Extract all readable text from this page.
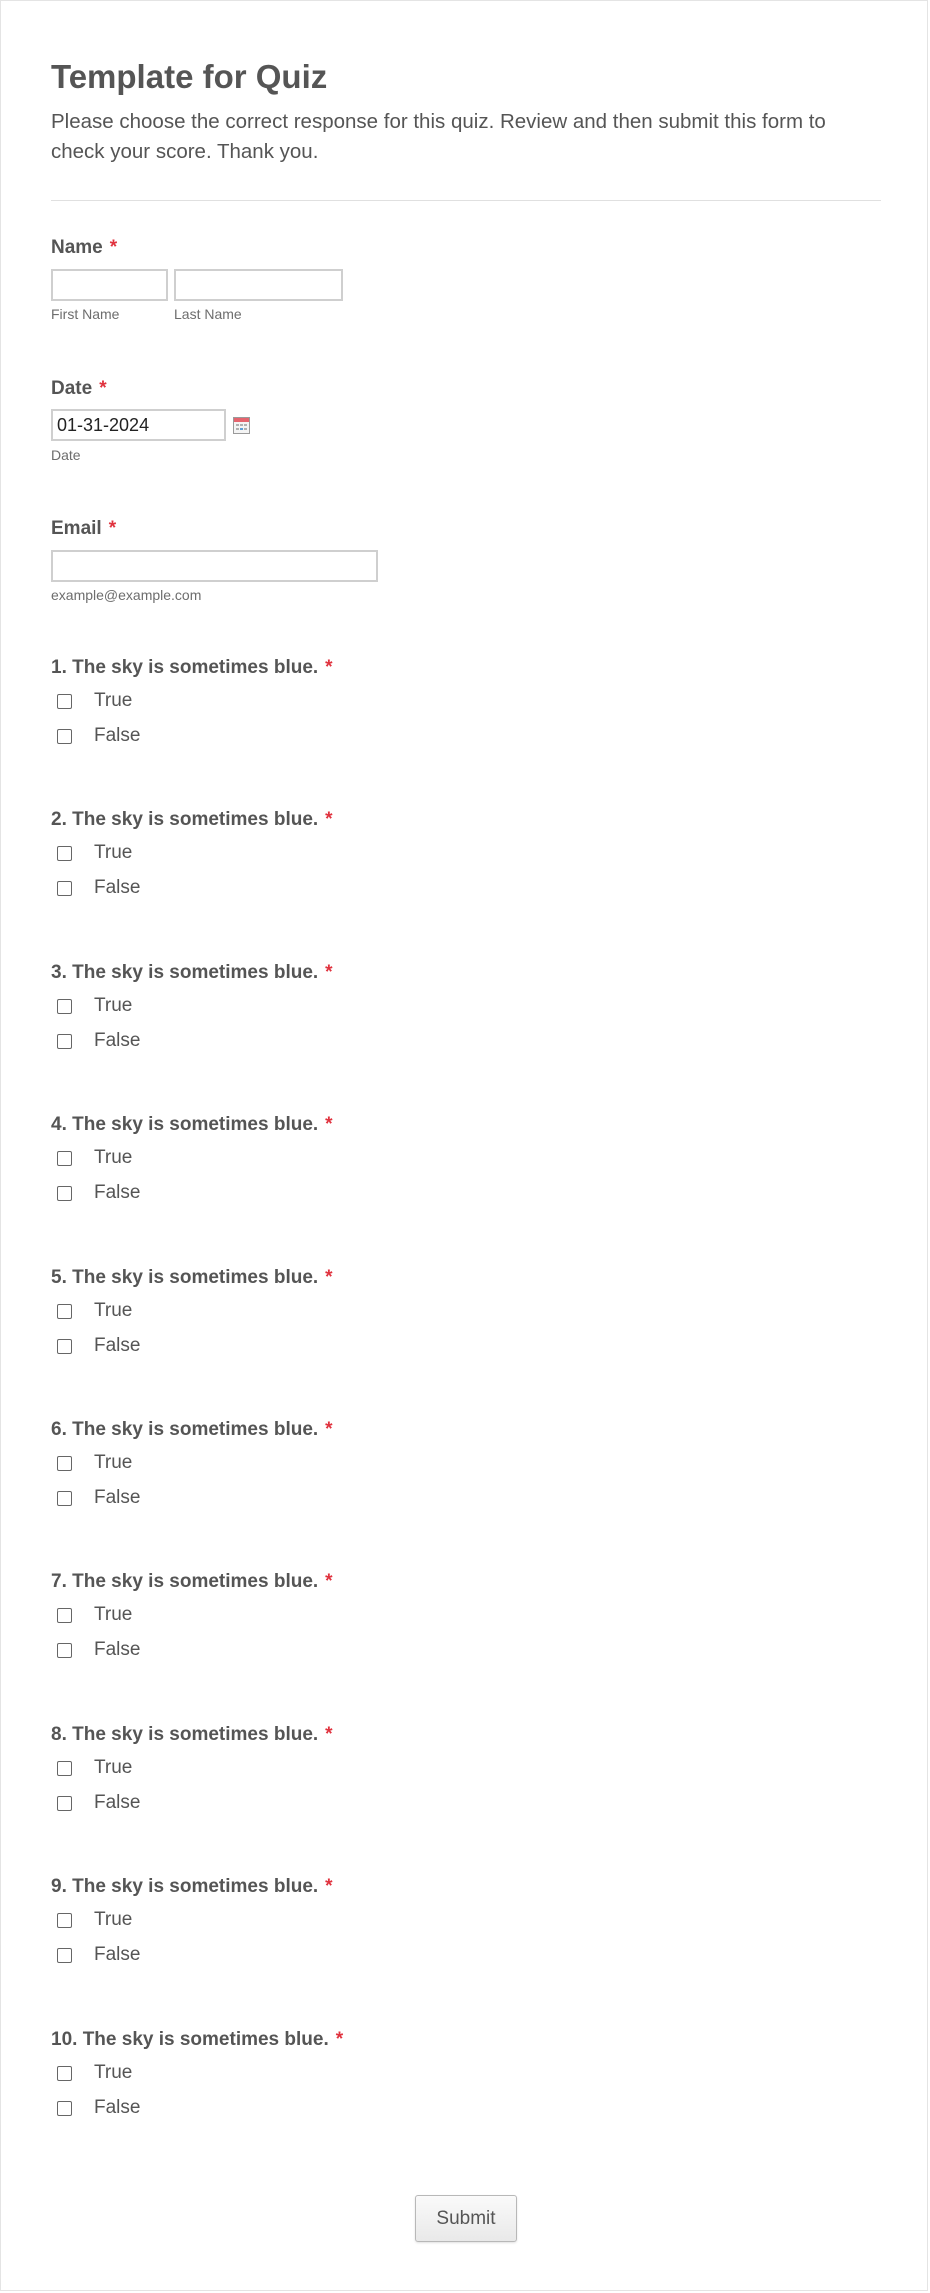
Template for Quiz

Please choose the correct response for this quiz. Review and then submit this form to check your score. Thank you.

Name *
First Name	Last Name
Date *
01-31-2024
Date
Email *
example@example.com
1. The sky is sometimes blue. *
True
False
2. The sky is sometimes blue. *
True
False
3. The sky is sometimes blue. *
True
False
4. The sky is sometimes blue. *
True
False
5. The sky is sometimes blue. *
True
False
6. The sky is sometimes blue. *
True
False
7. The sky is sometimes blue. *
True
False
8. The sky is sometimes blue. *
True
False
9. The sky is sometimes blue. *
True
False
10. The sky is sometimes blue. *
True
False
Submit
